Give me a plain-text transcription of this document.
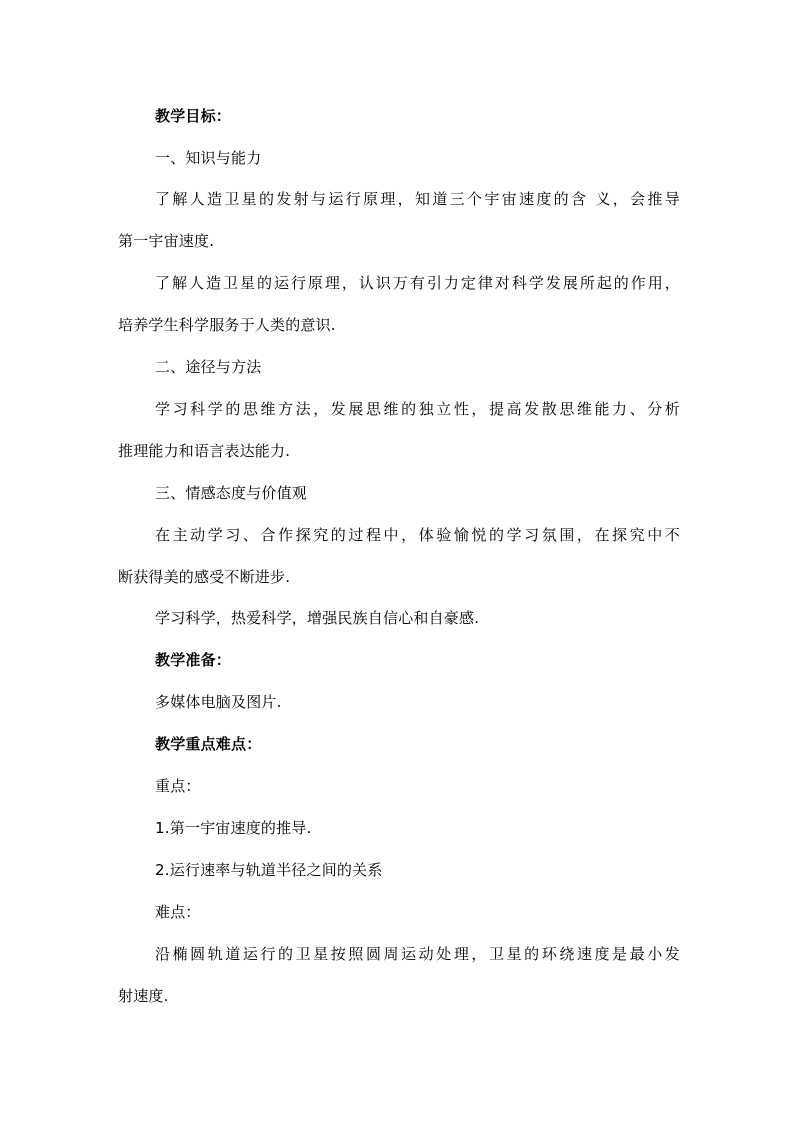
教学目标：
一、知识与能力
了解人造卫星的发射与运行原理，知道三个宇宙速度的含 义，会推导
第一宇宙速度.
了解人造卫星的运行原理，认识万有引力定律对科学发展所起的作用，
培养学生科学服务于人类的意识.
二、途径与方法
学习科学的思维方法，发展思维的独立性，提高发散思维能力、分析
推理能力和语言表达能力.
三、情感态度与价值观
在主动学习、合作探究的过程中，体验愉悦的学习氛围，在探究中不
断获得美的感受不断进步.
学习科学，热爱科学，增强民族自信心和自豪感.
教学准备：
多媒体电脑及图片.
教学重点难点：
重点：
1.第一宇宙速度的推导.
2.运行速率与轨道半径之间的关系
难点：
沿椭圆轨道运行的卫星按照圆周运动处理，卫星的环绕速度是最小发
射速度.
